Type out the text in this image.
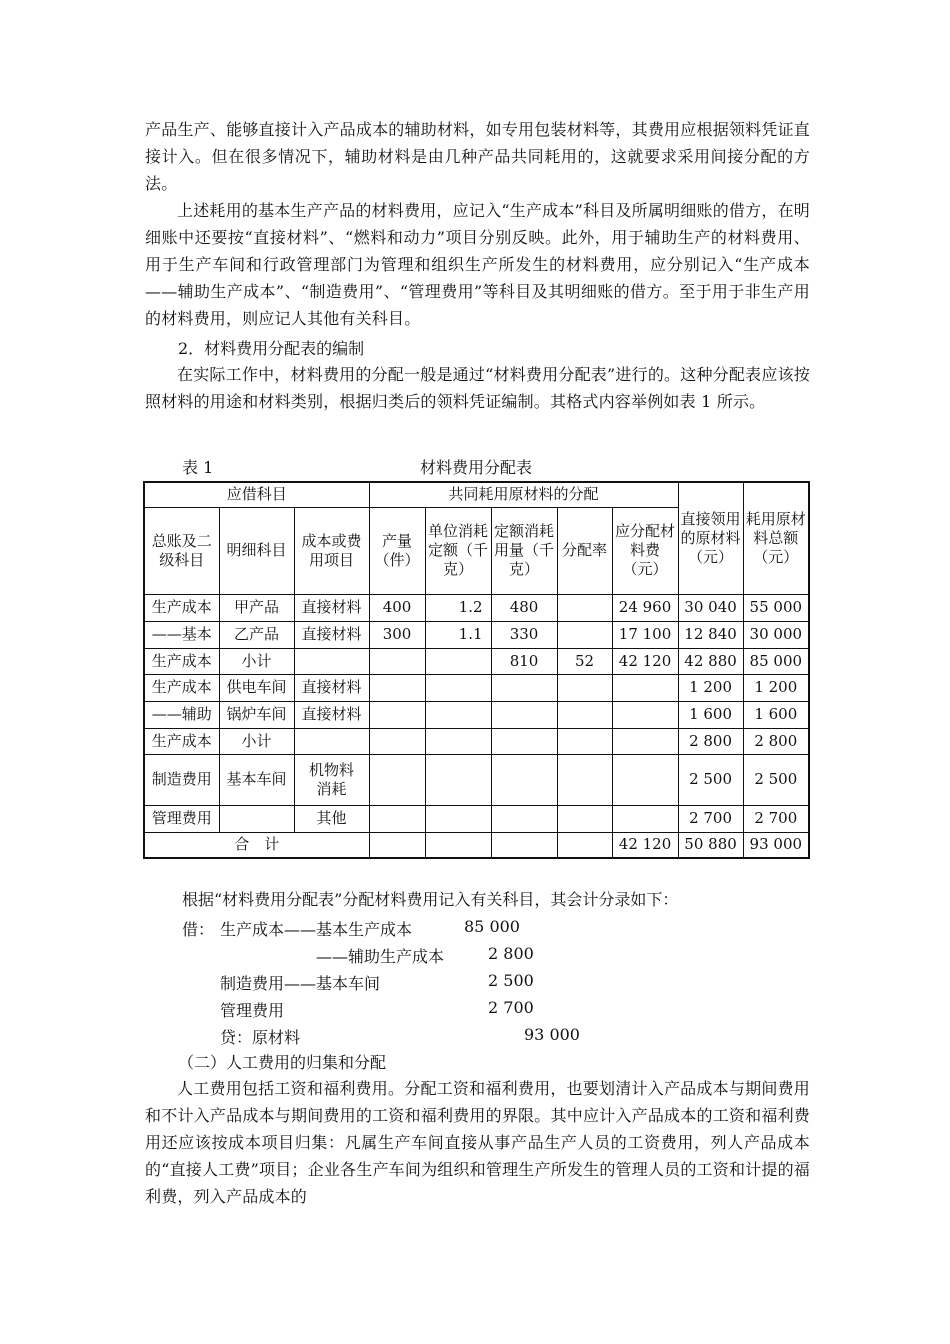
产品生产、能够直接计入产品成本的辅助材料，如专用包装材料等，其费用应根据领料凭证直接计入。但在很多情况下，辅助材料是由几种产品共同耗用的，这就要求采用间接分配的方法。
上述耗用的基本生产产品的材料费用，应记入“生产成本”科目及所属明细账的借方，在明细账中还要按“直接材料”、“燃料和动力”项目分别反映。此外，用于辅助生产的材料费用、用于生产车间和行政管理部门为管理和组织生产所发生的材料费用，应分别记入“生产成本——辅助生产成本”、“制造费用”、“管理费用”等科目及其明细账的借方。至于用于非生产用的材料费用，则应记人其他有关科目。
2．材料费用分配表的编制
在实际工作中，材料费用的分配一般是通过“材料费用分配表”进行的。这种分配表应该按照材料的用途和材料类别，根据归类后的领料凭证编制。其格式内容举例如表 1 所示。
表 1	材料费用分配表
应借科目			共同耗用原材料的分配					直接领用的原材料（元）	耗用原材料总额（元）
总账及二级科目	明细科目	成本或费用项目	产量（件）	单位消耗定额（千克）	定额消耗用量（千克）	分配率	应分配材料费（元）		
生产成本	甲产品	直接材料	400	1.2	480		24 960	30 040	55 000
——基本	乙产品	直接材料	300	1.1	330		17 100	12 840	30 000
生产成本	小计				810	52	42 120	42 880	85 000
生产成本	供电车间	直接材料						1 200	1 200
——辅助	锅炉车间	直接材料						1 600	1 600
生产成本	小计							2 800	2 800
制造费用	基本车间	机物料消耗						2 500	2 500
管理费用		其他						2 700	2 700
合　计							42 120	50 880	93 000
根据“材料费用分配表”分配材料费用记入有关科目，其会计分录如下：
借： 生产成本——基本生产成本	85 000
——辅助生产成本	2 800
制造费用——基本车间	2 500
管理费用	2 700
贷：原材料	93 000
（二）人工费用的归集和分配
人工费用包括工资和福利费用。分配工资和福利费用，也要划清计入产品成本与期间费用和不计入产品成本与期间费用的工资和福利费用的界限。其中应计入产品成本的工资和福利费用还应该按成本项目归集：凡属生产车间直接从事产品生产人员的工资费用，列人产品成本的“直接人工费”项目；企业各生产车间为组织和管理生产所发生的管理人员的工资和计提的福利费，列入产品成本的
